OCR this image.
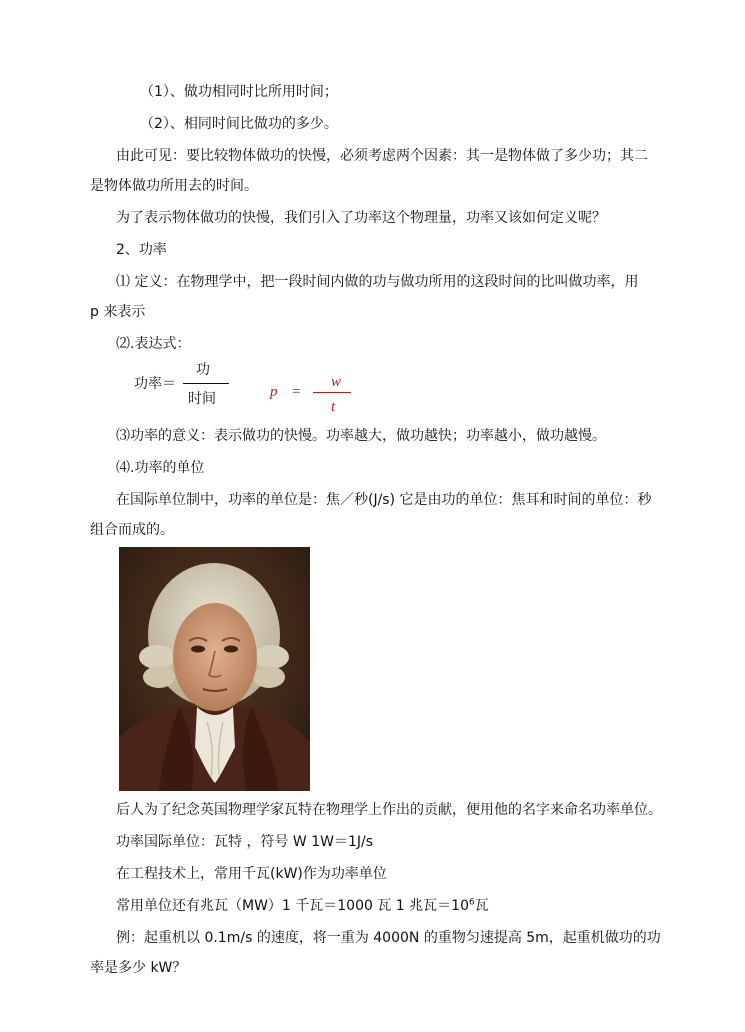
（1）、做功相同时比所用时间；
（2）、相同时间比做功的多少。
由此可见：要比较物体做功的快慢，必须考虑两个因素：其一是物体做了多少功；其二
是物体做功所用去的时间。
为了表示物体做功的快慢，我们引入了功率这个物理量，功率又该如何定义呢？
2、功率
⑴ 定义：在物理学中，把一段时间内做的功与做功所用的这段时间的比叫做功率，用
p 来表示
⑵.表达式：
功率＝
功
时间	p =
w
t
⑶功率的意义：表示做功的快慢。功率越大，做功越快；功率越小，做功越慢。
⑷.功率的单位
在国际单位制中，功率的单位是：焦／秒(J/s) 它是由功的单位：焦耳和时间的单位：秒
组合而成的。
后人为了纪念英国物理学家瓦特在物理学上作出的贡献，便用他的名字来命名功率单位。
功率国际单位：瓦特 ，符号 W 1W＝1J/s
在工程技术上，常用千瓦(kW)作为功率单位
常用单位还有兆瓦（MW）1 千瓦＝1000 瓦 1 兆瓦$=10^6$瓦
例：起重机以 0.1m/s 的速度，将一重为 4000N 的重物匀速提高 5m，起重机做功的功
率是多少 kW？
